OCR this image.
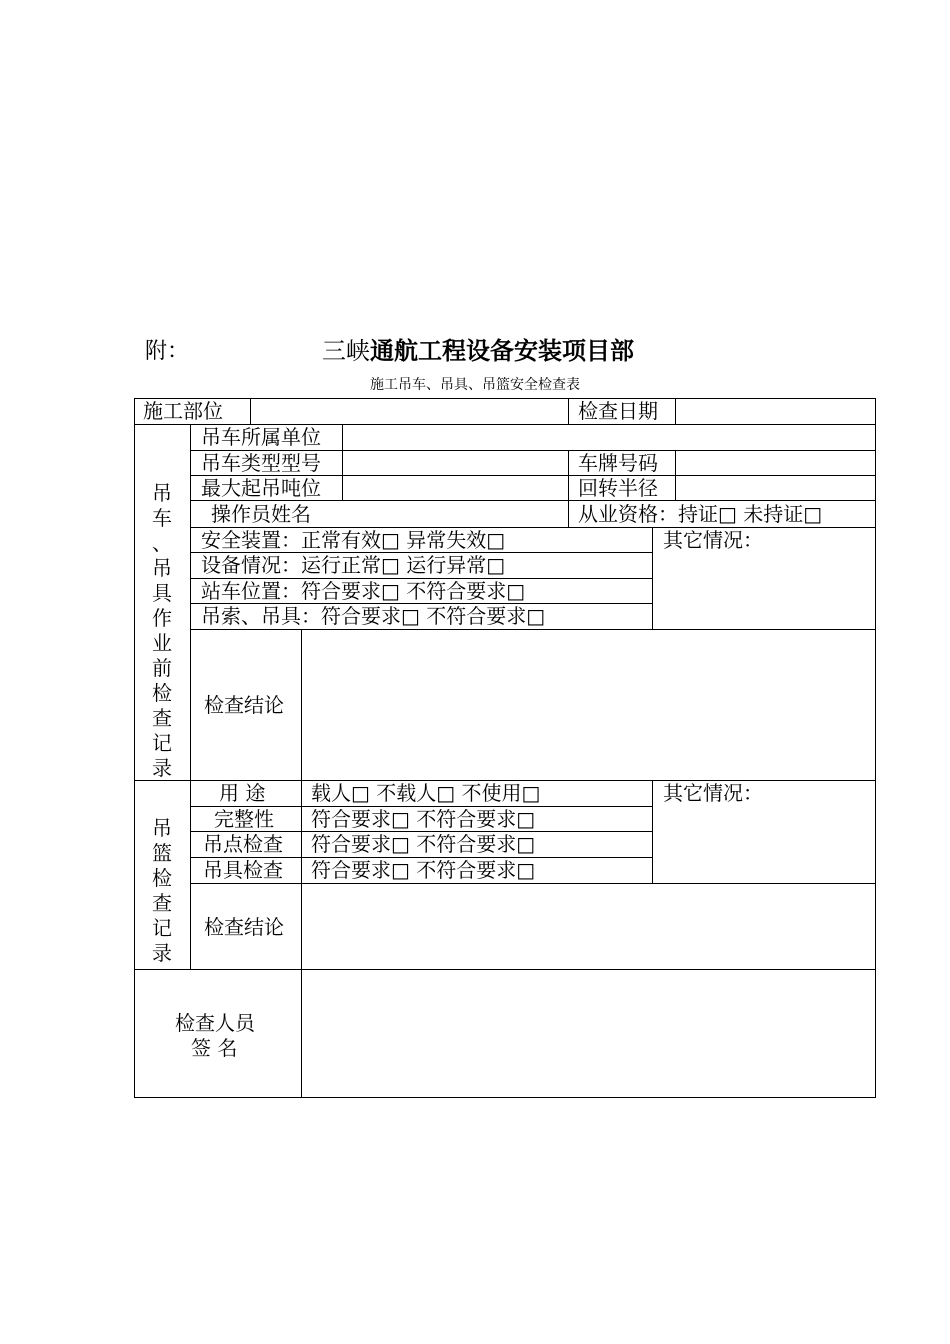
附：	三峡通航工程设备安装项目部
施工吊车、吊具、吊篮安全检查表
施工部位	检查日期
吊
车
、
吊
具
作
业
前
检
查
记
录
吊车所属单位
吊车类型型号	车牌号码
最大起吊吨位	回转半径
操作员姓名	从业资格：持证□ 未持证□
安全装置：正常有效□ 异常失效□
设备情况：运行正常□ 运行异常□
站车位置：符合要求□ 不符合要求□
吊索、吊具：符合要求□ 不符合要求□
其它情况：
检查结论
吊
篮
检
查
记
录
用 途 载人□ 不载人□ 不使用□
完整性 符合要求□ 不符合要求□
吊点检查 符合要求□ 不符合要求□
吊具检查 符合要求□ 不符合要求□
其它情况：
检查结论
检查人员
签 名
